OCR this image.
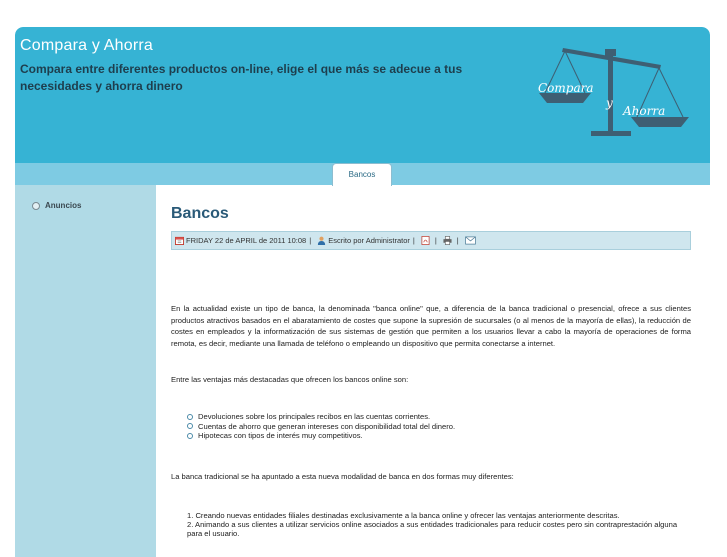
Compara y Ahorra
Compara entre diferentes productos on-line, elige el que más se adecue a tus necesidades y ahorra dinero	Compara
y
Ahorra
Bancos
Anuncios	Bancos
FRIDAY 22 de APRIL de 2011 10:08 | Escrito por Administrator |	|	|
En la actualidad existe un tipo de banca, la denominada "banca online" que, a diferencia de la banca tradicional o presencial, ofrece a sus clientes productos atractivos basados en el abaratamiento de costes que supone la supresión de sucursales (o al menos de la mayoría de ellas), la reducción de costes en empleados y la informatización de sus sistemas de gestión que permiten a los usuarios llevar a cabo la mayoría de operaciones de forma remota, es decir, mediante una llamada de teléfono o empleando un dispositivo que permita conectarse a internet.
Entre las ventajas más destacadas que ofrecen los bancos online son:
Devoluciones sobre los principales recibos en las cuentas corrientes.
Cuentas de ahorro que generan intereses con disponibilidad total del dinero.
Hipotecas con tipos de interés muy competitivos.
La banca tradicional se ha apuntado a esta nueva modalidad de banca en dos formas muy diferentes:
1. Creando nuevas entidades filiales destinadas exclusivamente a la banca online y ofrecer las ventajas anteriormente descritas.
2. Animando a sus clientes a utilizar servicios online asociados a sus entidades tradicionales para reducir costes pero sin contraprestación alguna para el usuario.
